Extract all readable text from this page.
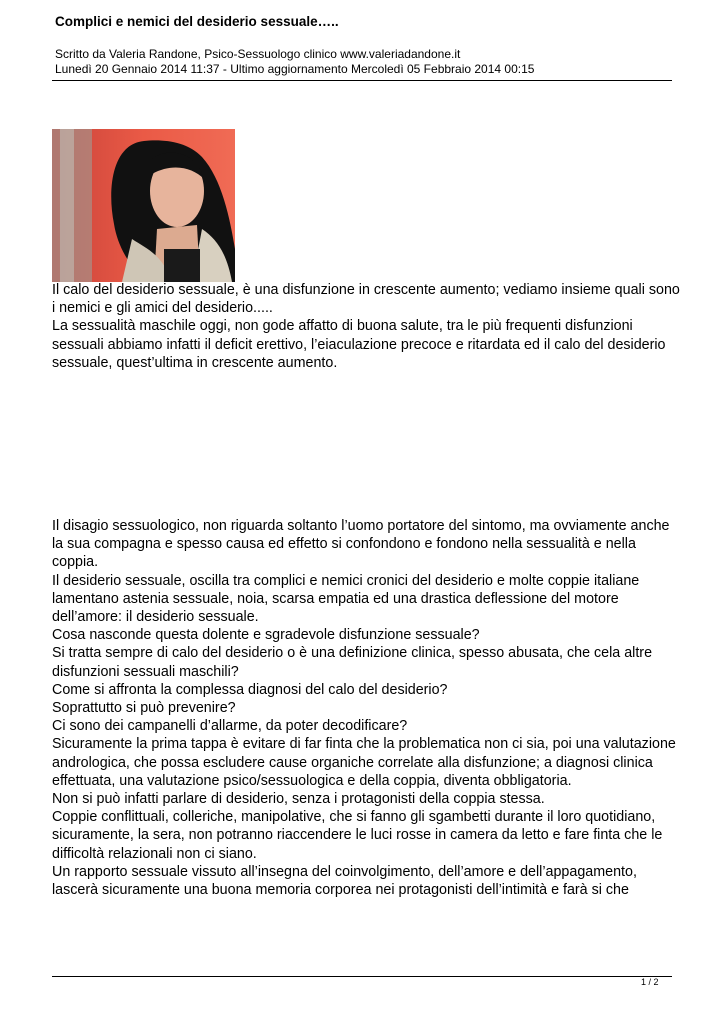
Complici e nemici del desiderio sessuale…..
Scritto da Valeria Randone, Psico-Sessuologo clinico www.valeriadandone.it
Lunedì 20 Gennaio 2014 11:37 - Ultimo aggiornamento Mercoledì 05 Febbraio 2014 00:15

Il calo del desiderio sessuale, è una disfunzione in crescente aumento; vediamo insieme quali sono i nemici e gli amici del desiderio.....

La sessualità maschile oggi, non gode affatto di buona salute, tra le più frequenti disfunzioni sessuali abbiamo infatti il deficit erettivo, l’eiaculazione precoce e ritardata ed il calo del desiderio sessuale, quest’ultima in crescente aumento.

Il disagio sessuologico, non riguarda soltanto l’uomo portatore del sintomo, ma ovviamente anche la sua compagna e spesso causa ed effetto si confondono e fondono nella sessualità e nella coppia.

Il desiderio sessuale, oscilla tra complici e nemici cronici del desiderio e molte coppie italiane lamentano astenia sessuale, noia, scarsa empatia ed una drastica deflessione del motore dell’amore: il desiderio sessuale.

Cosa nasconde questa dolente e sgradevole disfunzione sessuale?

Si tratta sempre di calo del desiderio o è una definizione clinica, spesso abusata, che cela altre disfunzioni sessuali maschili?

Come si affronta la complessa diagnosi del calo del desiderio?

Soprattutto si può prevenire?

Ci sono dei campanelli d’allarme, da poter decodificare?

Sicuramente la prima tappa è evitare di far finta che la problematica non ci sia, poi una valutazione andrologica, che possa escludere cause organiche correlate alla disfunzione; a diagnosi clinica effettuata, una valutazione psico/sessuologica e della coppia, diventa obbligatoria.

Non si può infatti parlare di desiderio, senza i protagonisti della coppia stessa.

Coppie conflittuali, colleriche, manipolative, che si fanno gli sgambetti durante il loro quotidiano, sicuramente, la sera, non potranno riaccendere le luci rosse in camera da letto e fare finta che le difficoltà relazionali non ci siano.

Un rapporto sessuale vissuto all’insegna del coinvolgimento, dell’amore e dell’appagamento, lascerà sicuramente una buona memoria corporea nei protagonisti dell’intimità e farà si che

1 / 2
